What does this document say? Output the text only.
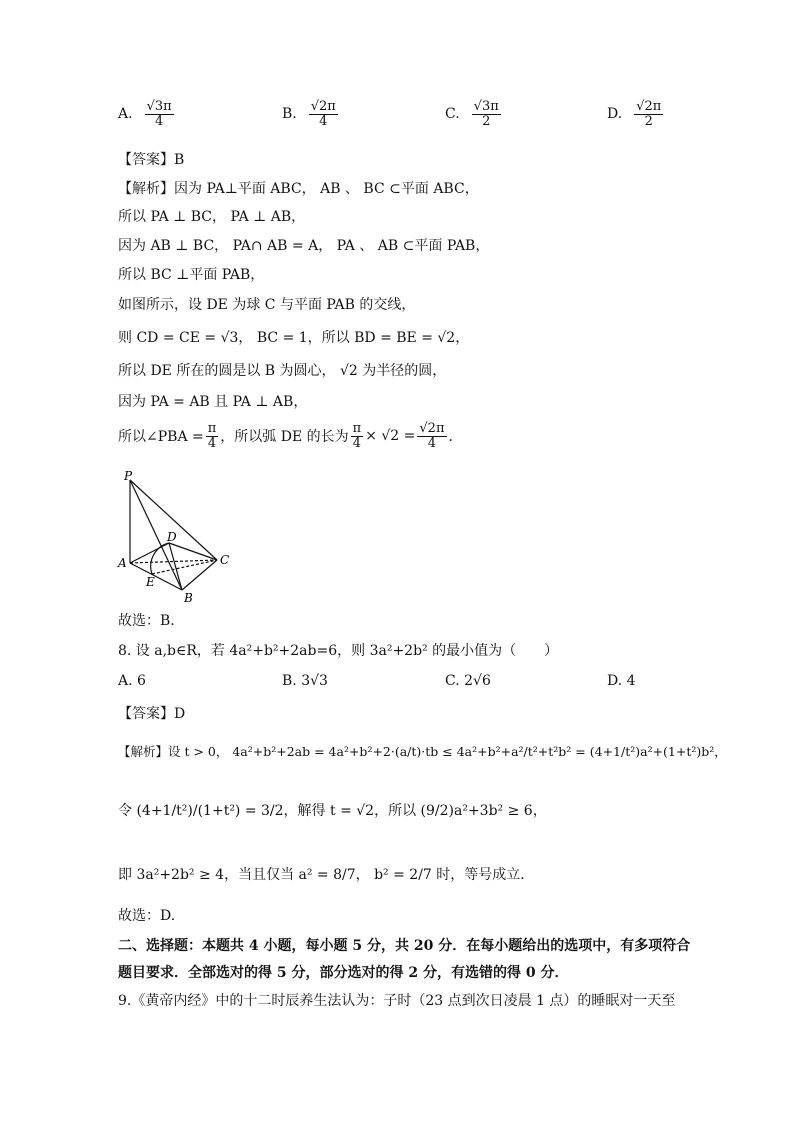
A. $\frac{√3\pi}{4}$	B. $\frac{√2\pi}{4}$	C. $\frac{√3\pi}{2}$	D. $\frac{√2\pi}{2}$
【答案】B
【解析】因为 PA⊥平面 ABC， AB 、 BC ⊂平面 ABC，
所以 PA ⊥ BC， PA ⊥ AB，
因为 AB ⊥ BC， PA∩ AB = A， PA 、 AB ⊂平面 PAB，
所以 BC ⊥平面 PAB，
如图所示，设 DE 为球 C 与平面 PAB 的交线，
则 CD = CE = √3， BC = 1，所以 BD = BE = √2，
所以 DE 所在的圆是以 B 为圆心， √2 为半径的圆，
因为 PA = AB 且 PA ⊥ AB，
所以∠PBA = $\frac{\pi}{4}$ ，所以弧 DE 的长为 $\frac{\pi}{4} \times √2 = \frac{√2\pi}{4}$ ．
P
A
B
C
D
E
故选：B.
8. 设 a,b∈R，若 4a²+b²+2ab=6，则 3a²+2b² 的最小值为（　　）
A. 6	B. 3√3	C. 2√6	D. 4
【答案】D
【解析】设 t > 0， 4a²+b²+2ab = 4a²+b²+2·(a/t)·tb ≤ 4a²+b²+a²/t²+t²b² = (4+1/t²)a²+(1+t²)b²，
令 (4+1/t²)/(1+t²) = 3/2，解得 t = √2，所以 (9/2)a²+3b² ≥ 6，
即 3a²+2b² ≥ 4，当且仅当 a² = 8/7， b² = 2/7 时，等号成立．
故选：D.
二、选择题：本题共 4 小题，每小题 5 分，共 20 分．在每小题给出的选项中，有多项符合
题目要求．全部选对的得 5 分，部分选对的得 2 分，有选错的得 0 分．
9.《黄帝内经》中的十二时辰养生法认为：子时（23 点到次日凌晨 1 点）的睡眠对一天至
